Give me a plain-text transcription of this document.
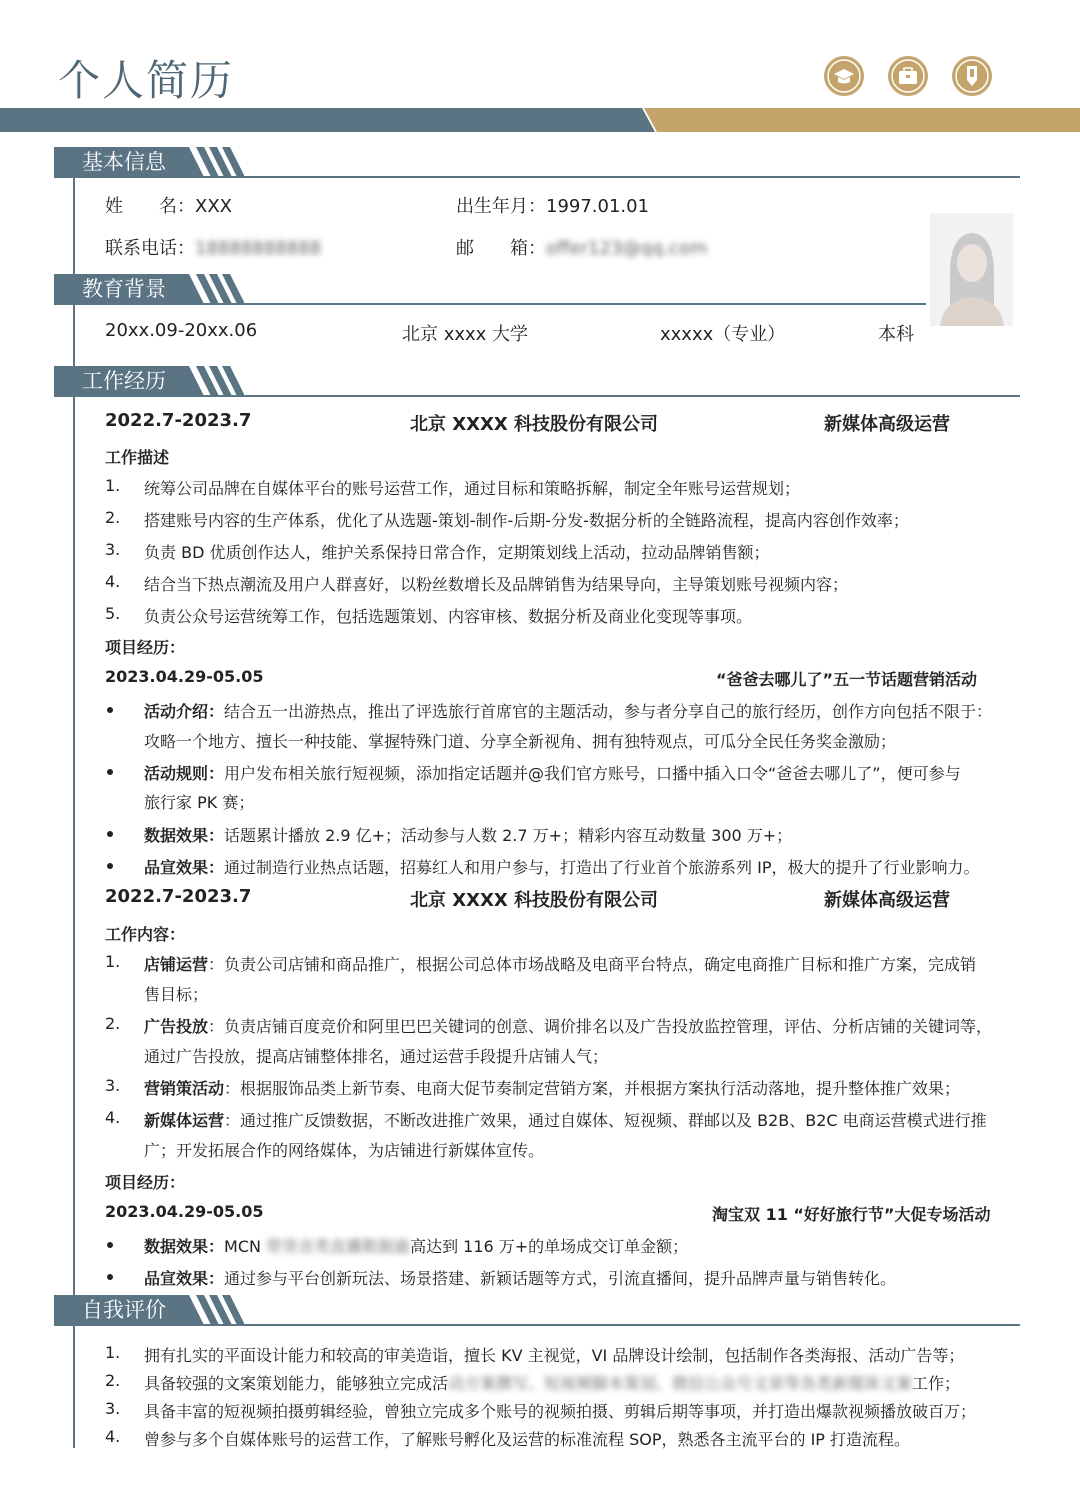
个人简历
基本信息
姓　　名：XXX	出生年月：1997.01.01
联系电话：18888888888	邮　　箱：offer123@qq.com
教育背景
20xx.09-20xx.06	北京 xxxx 大学	xxxxx（专业）	本科
工作经历
2022.7-2023.7	北京 XXXX 科技股份有限公司	新媒体高级运营
工作描述
1. 统筹公司品牌在自媒体平台的账号运营工作，通过目标和策略拆解，制定全年账号运营规划；
2. 搭建账号内容的生产体系，优化了从选题-策划-制作-后期-分发-数据分析的全链路流程，提高内容创作效率；
3. 负责 BD 优质创作达人，维护关系保持日常合作，定期策划线上活动，拉动品牌销售额；
4. 结合当下热点潮流及用户人群喜好，以粉丝数增长及品牌销售为结果导向，主导策划账号视频内容；
5. 负责公众号运营统筹工作，包括选题策划、内容审核、数据分析及商业化变现等事项。
项目经历：
2023.04.29-05.05	“爸爸去哪儿了”五一节话题营销活动
活动介绍：结合五一出游热点，推出了评选旅行首席官的主题活动，参与者分享自己的旅行经历，创作方向包括不限于：
攻略一个地方、擅长一种技能、掌握特殊门道、分享全新视角、拥有独特观点，可瓜分全民任务奖金激励；
活动规则：用户发布相关旅行短视频，添加指定话题并@我们官方账号，口播中插入口令“爸爸去哪儿了”，便可参与
旅行家 PK 赛；
数据效果：话题累计播放 2.9 亿+；活动参与人数 2.7 万+；精彩内容互动数量 300 万+；
品宣效果：通过制造行业热点话题，招募红人和用户参与，打造出了行业首个旅游系列 IP，极大的提升了行业影响力。
2022.7-2023.7	北京 XXXX 科技股份有限公司	新媒体高级运营
工作内容：
1. 店铺运营：负责公司店铺和商品推广，根据公司总体市场战略及电商平台特点，确定电商推广目标和推广方案，完成销
售目标；
2. 广告投放：负责店铺百度竞价和阿里巴巴关键词的创意、调价排名以及广告投放监控管理，评估、分析店铺的关键词等，
通过广告投放，提高店铺整体排名，通过运营手段提升店铺人气；
3. 营销策活动：根据服饰品类上新节奏、电商大促节奏制定营销方案，并根据方案执行活动落地，提升整体推广效果；
4. 新媒体运营：通过推广反馈数据，不断改进推广效果，通过自媒体、短视频、群邮以及 B2B、B2C 电商运营模式进行推
广；开发拓展合作的网络媒体，为店铺进行新媒体宣传。
项目经历：
2023.04.29-05.05	淘宝双 11 “好好旅行节”大促专场活动
数据效果：MCN 带货音类直播数据最高达到 116 万+的单场成交订单金额；
品宣效果：通过参与平台创新玩法、场景搭建、新颖话题等方式，引流直播间，提升品牌声量与销售转化。
自我评价
1. 拥有扎实的平面设计能力和较高的审美造诣，擅长 KV 主视觉，VI 品牌设计绘制，包括制作各类海报、活动广告等；
2. 具备较强的文案策划能力，能够独立完成活动方案撰写、短视频脚本策划、微信公众号文章等各类新媒体文案工作；
3. 具备丰富的短视频拍摄剪辑经验，曾独立完成多个账号的视频拍摄、剪辑后期等事项，并打造出爆款视频播放破百万；
4. 曾参与多个自媒体账号的运营工作，了解账号孵化及运营的标准流程 SOP，熟悉各主流平台的 IP 打造流程。
